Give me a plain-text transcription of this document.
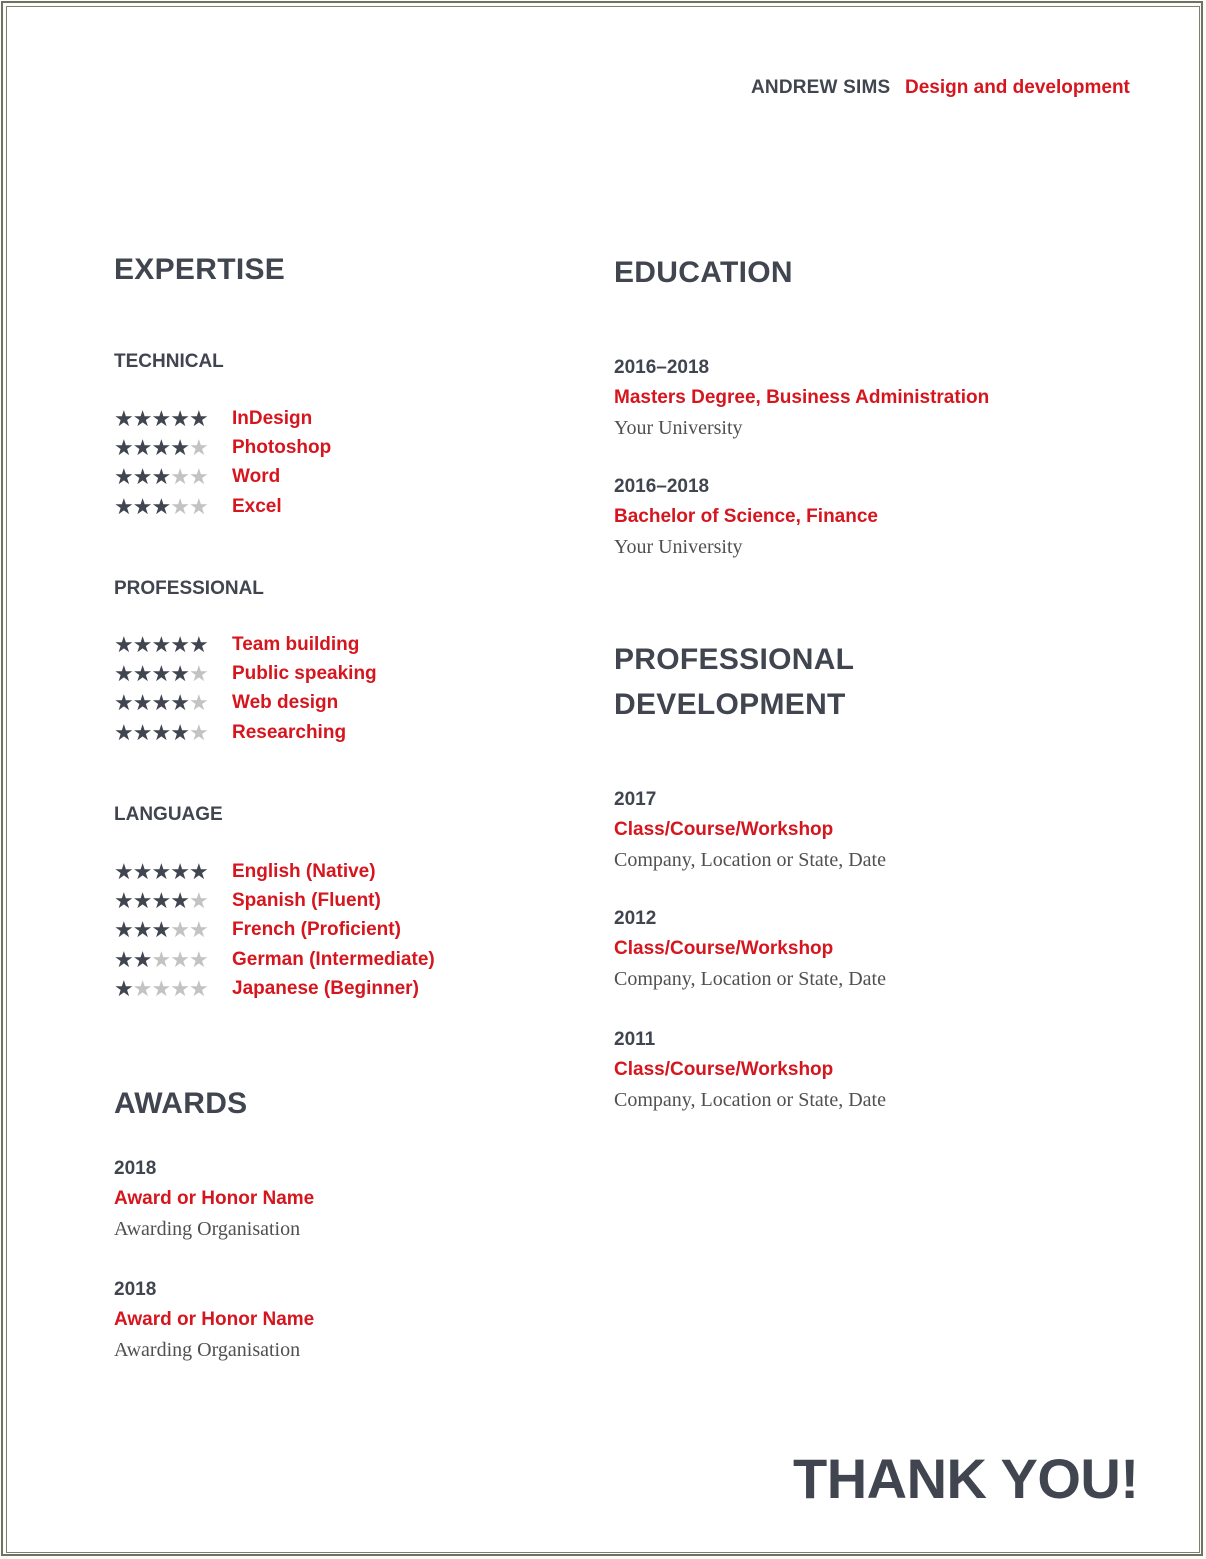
ANDREW SIMS Design and development
EXPERTISE
TECHNICAL
★ ★ ★ ★ ★ InDesign
★ ★ ★ ★ ★ Photoshop
★ ★ ★ ★ ★ Word
★ ★ ★ ★ ★ Excel
PROFESSIONAL
★ ★ ★ ★ ★ Team building
★ ★ ★ ★ ★ Public speaking
★ ★ ★ ★ ★ Web design
★ ★ ★ ★ ★ Researching
LANGUAGE
★ ★ ★ ★ ★ English (Native)
★ ★ ★ ★ ★ Spanish (Fluent)
★ ★ ★ ★ ★ French (Proficient)
★ ★ ★ ★ ★ German (Intermediate)
★ ★ ★ ★ ★ Japanese (Beginner)
AWARDS
2018
Award or Honor Name
Awarding Organisation
2018
Award or Honor Name
Awarding Organisation
EDUCATION
2016–2018
Masters Degree, Business Administration
Your University
2016–2018
Bachelor of Science, Finance
Your University
PROFESSIONAL
DEVELOPMENT
2017
Class/Course/Workshop
Company, Location or State, Date
2012
Class/Course/Workshop
Company, Location or State, Date
2011
Class/Course/Workshop
Company, Location or State, Date
THANK YOU!
